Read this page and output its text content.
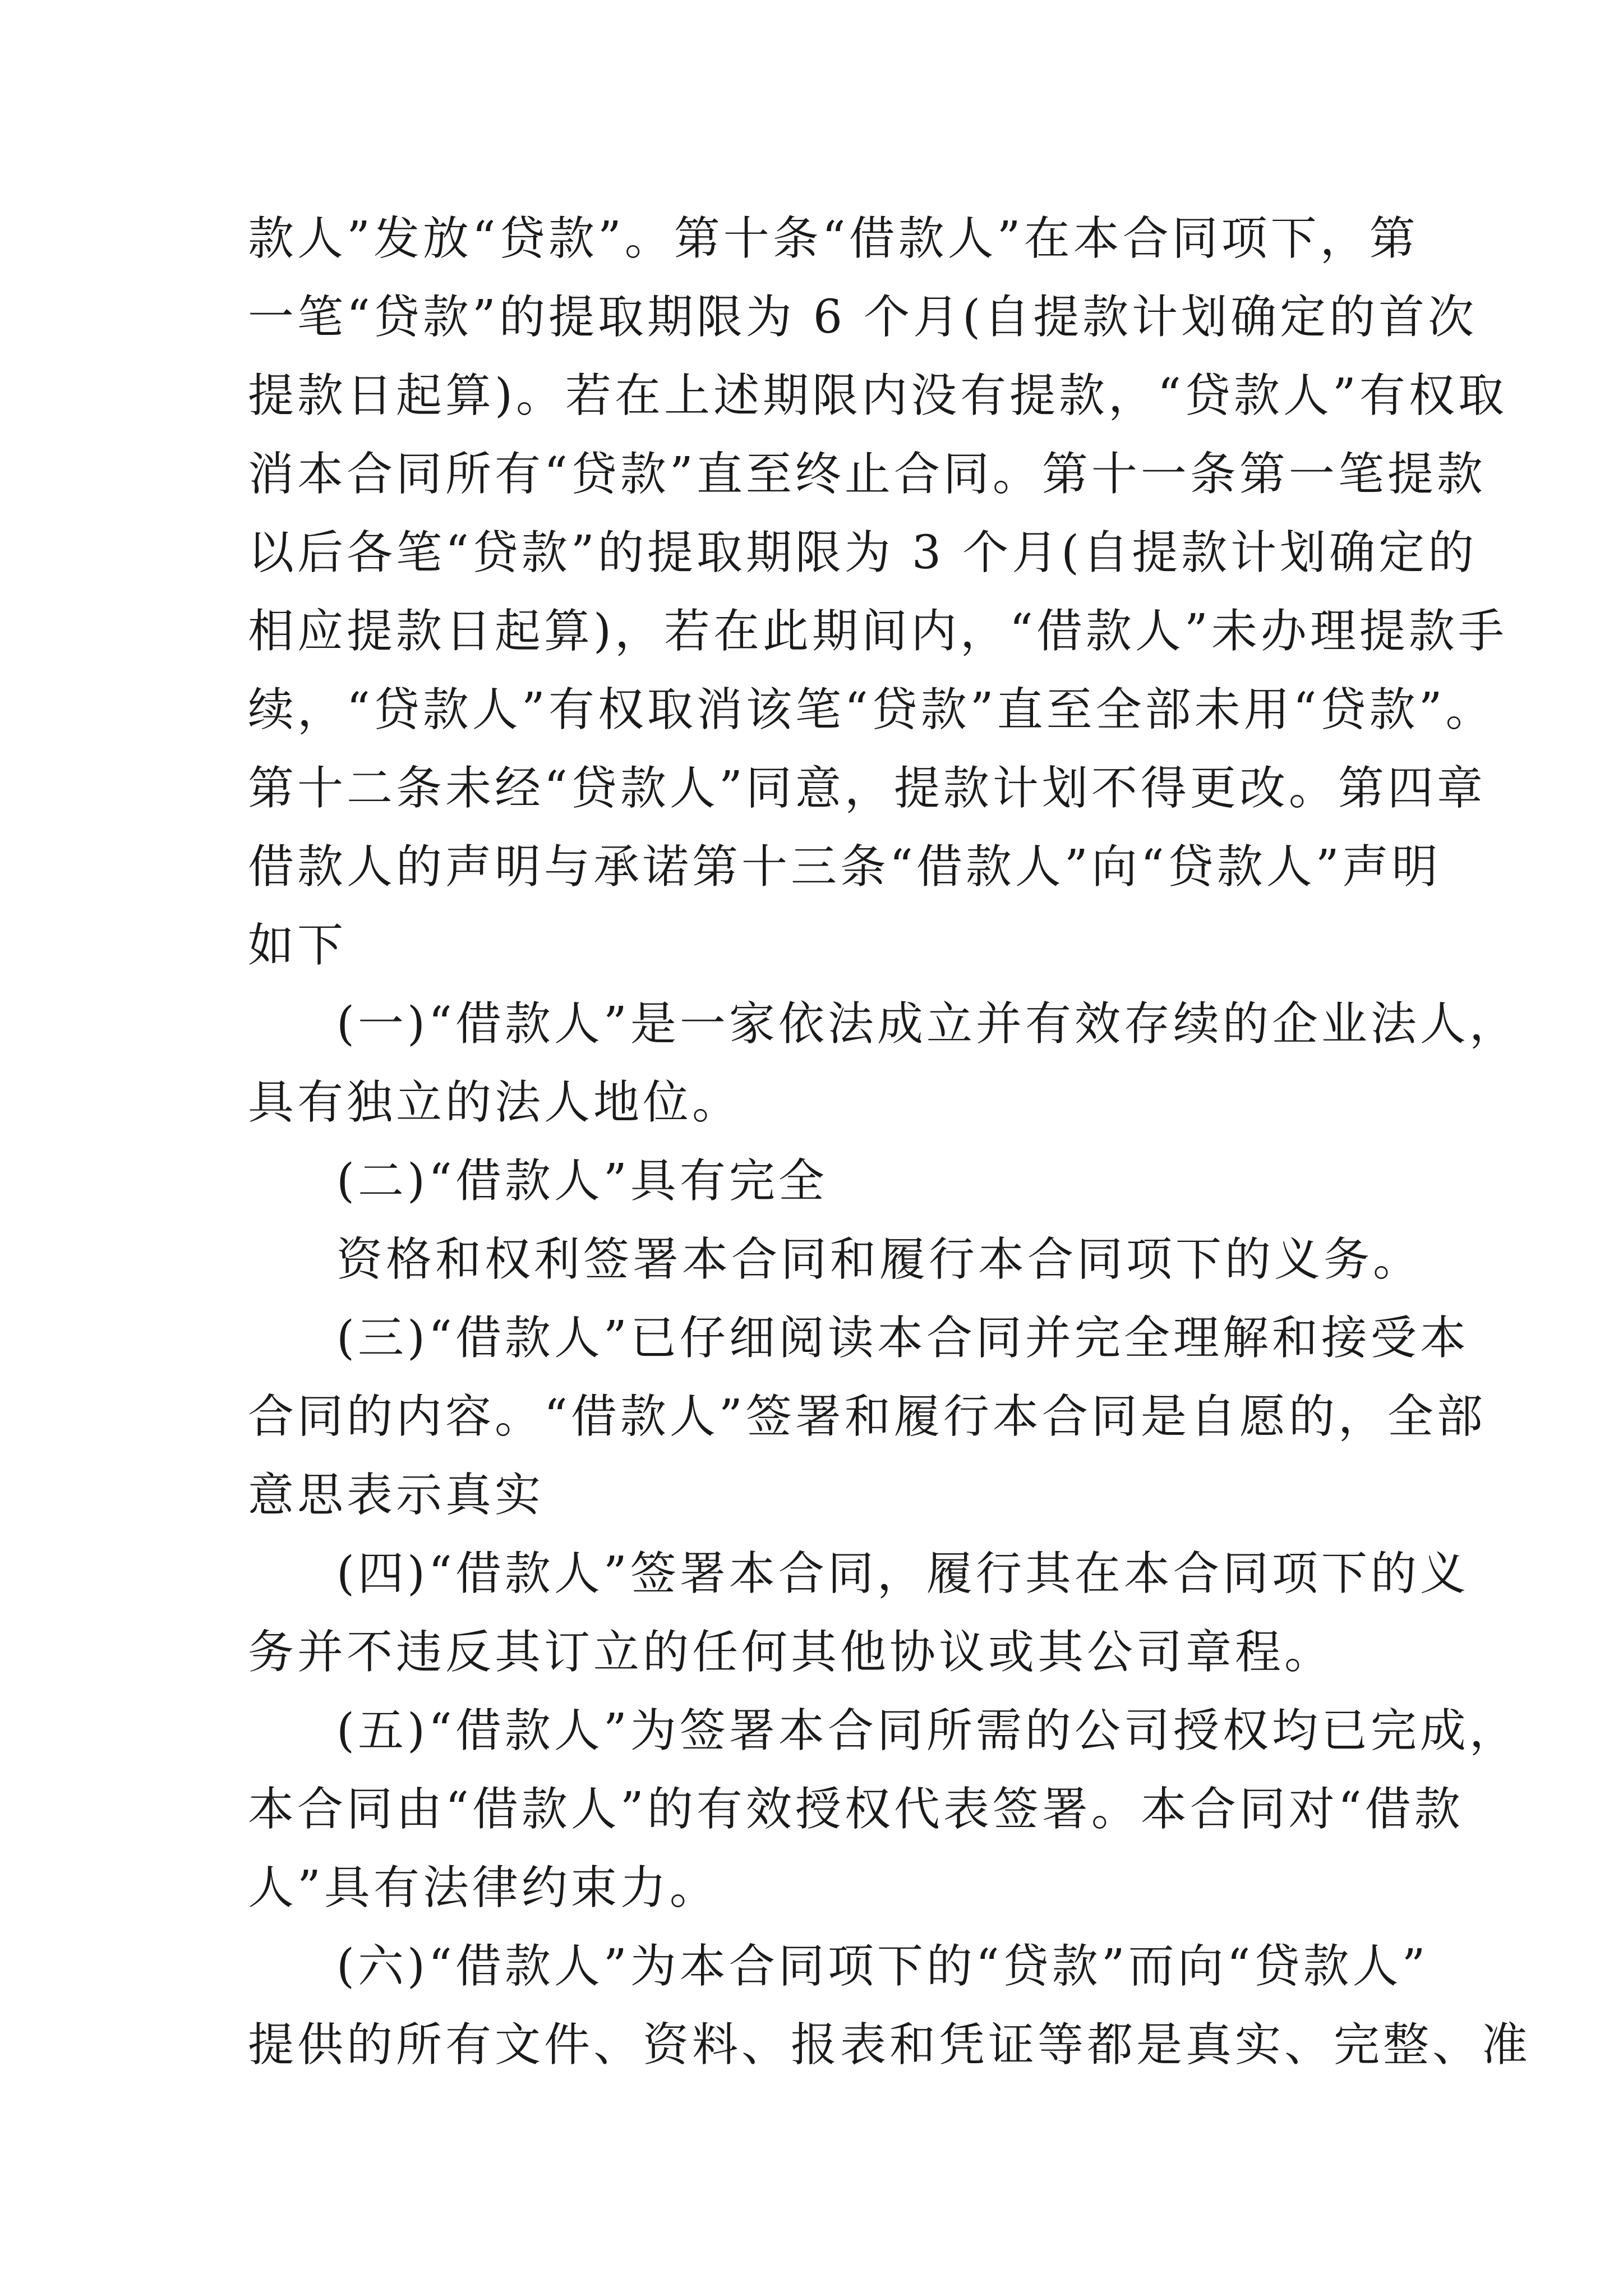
款人”发放“贷款”。第十条“借款人”在本合同项下，第
一笔“贷款”的提取期限为 6 个月(自提款计划确定的首次
提款日起算)。若在上述期限内没有提款，“贷款人”有权取
消本合同所有“贷款”直至终止合同。第十一条第一笔提款
以后各笔“贷款”的提取期限为 3 个月(自提款计划确定的
相应提款日起算)，若在此期间内，“借款人”未办理提款手
续，“贷款人”有权取消该笔“贷款”直至全部未用“贷款”。
第十二条未经“贷款人”同意，提款计划不得更改。第四章
借款人的声明与承诺第十三条“借款人”向“贷款人”声明
如下
(一)“借款人”是一家依法成立并有效存续的企业法人，
具有独立的法人地位。
(二)“借款人”具有完全
资格和权利签署本合同和履行本合同项下的义务。
(三)“借款人”已仔细阅读本合同并完全理解和接受本
合同的内容。“借款人”签署和履行本合同是自愿的，全部
意思表示真实
(四)“借款人”签署本合同，履行其在本合同项下的义
务并不违反其订立的任何其他协议或其公司章程。
(五)“借款人”为签署本合同所需的公司授权均已完成，
本合同由“借款人”的有效授权代表签署。本合同对“借款
人”具有法律约束力。
(六)“借款人”为本合同项下的“贷款”而向“贷款人”
提供的所有文件、资料、报表和凭证等都是真实、完整、准
